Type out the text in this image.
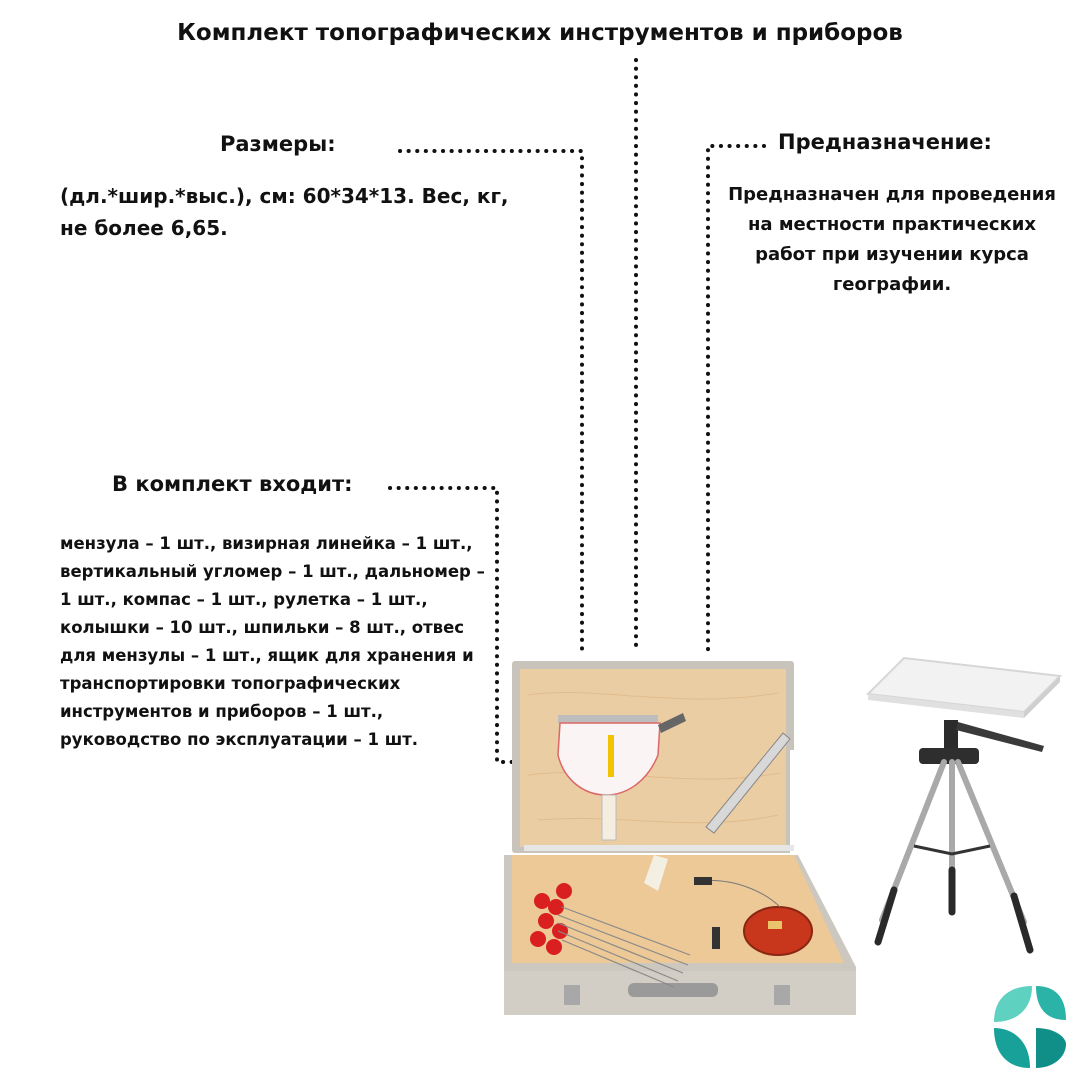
Комплект топографических инструментов и приборов
Размеры:
(дл.*шир.*выс.), см: 60*34*13. Вес, кг, не более 6,65.
Предназначение:
Предназначен для проведения на местности практических работ при изучении курса географии.
В комплект входит:
мензула – 1 шт., визирная линейка – 1 шт., вертикальный угломер – 1 шт., дальномер – 1 шт., компас – 1 шт., рулетка – 1 шт., колышки – 10 шт., шпильки – 8 шт., отвес для мензулы – 1 шт., ящик для хранения и транспортировки топографических инструментов и приборов – 1 шт., руководство по эксплуатации – 1 шт.
